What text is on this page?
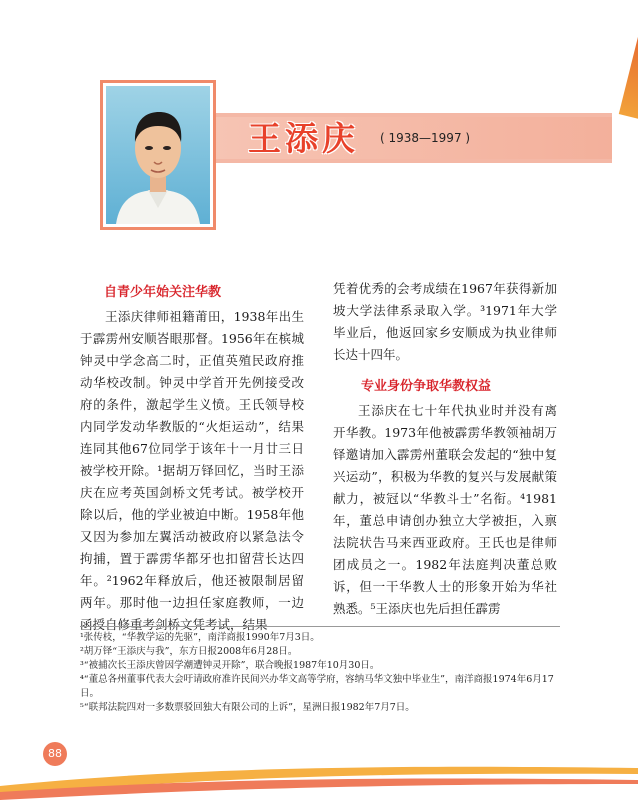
王添庆 ( 1938—1997 )
自青少年始关注华教

王添庆律师祖籍莆田，1938年出生于霹雳州安顺峇眼那督。1956年在槟城钟灵中学念高二时，正值英殖民政府推动华校改制。钟灵中学首开先例接受改府的条件，激起学生义愤。王氏领导校内同学发动华教版的“火炬运动”，结果连同其他67位同学于该年十一月廿三日被学校开除。¹据胡万铎回忆，当时王添庆在应考英国剑桥文凭考试。被学校开除以后，他的学业被迫中断。1958年他又因为参加左翼活动被政府以紧急法令拘捕，置于霹雳华都牙也扣留营长达四年。²1962年释放后，他还被限制居留两年。那时他一边担任家庭教师，一边函授自修重考剑桥文凭考试，结果

凭着优秀的会考成绩在1967年获得新加坡大学法律系录取入学。³1971年大学毕业后，他返回家乡安顺成为执业律师长达十四年。

专业身份争取华教权益

王添庆在七十年代执业时并没有离开华教。1973年他被霹雳华教领袖胡万铎邀请加入霹雳州董联会发起的“独中复兴运动”，积极为华教的复兴与发展献策献力，被冠以“华教斗士”名衔。⁴1981年，董总申请创办独立大学被拒，入禀法院状告马来西亚政府。王氏也是律师团成员之一。1982年法庭判决董总败诉，但一干华教人士的形象开始为华社熟悉。⁵王添庆也先后担任霹雳

¹张传枝，“华教学运的先驱”，南洋商报1990年7月3日。

²胡万铎“王添庆与我”，东方日报2008年6月28日。

³“被捕次长王添庆曾因学潮遭钟灵开除”，联合晚报1987年10月30日。

⁴“董总各州董事代表大会吁请政府准许民间兴办华文高等学府，容纳马华文独中毕业生”，南洋商报1974年6月17日。

⁵“联邦法院四对一多数票驳回独大有限公司的上诉”，星洲日报1982年7月7日。

88
